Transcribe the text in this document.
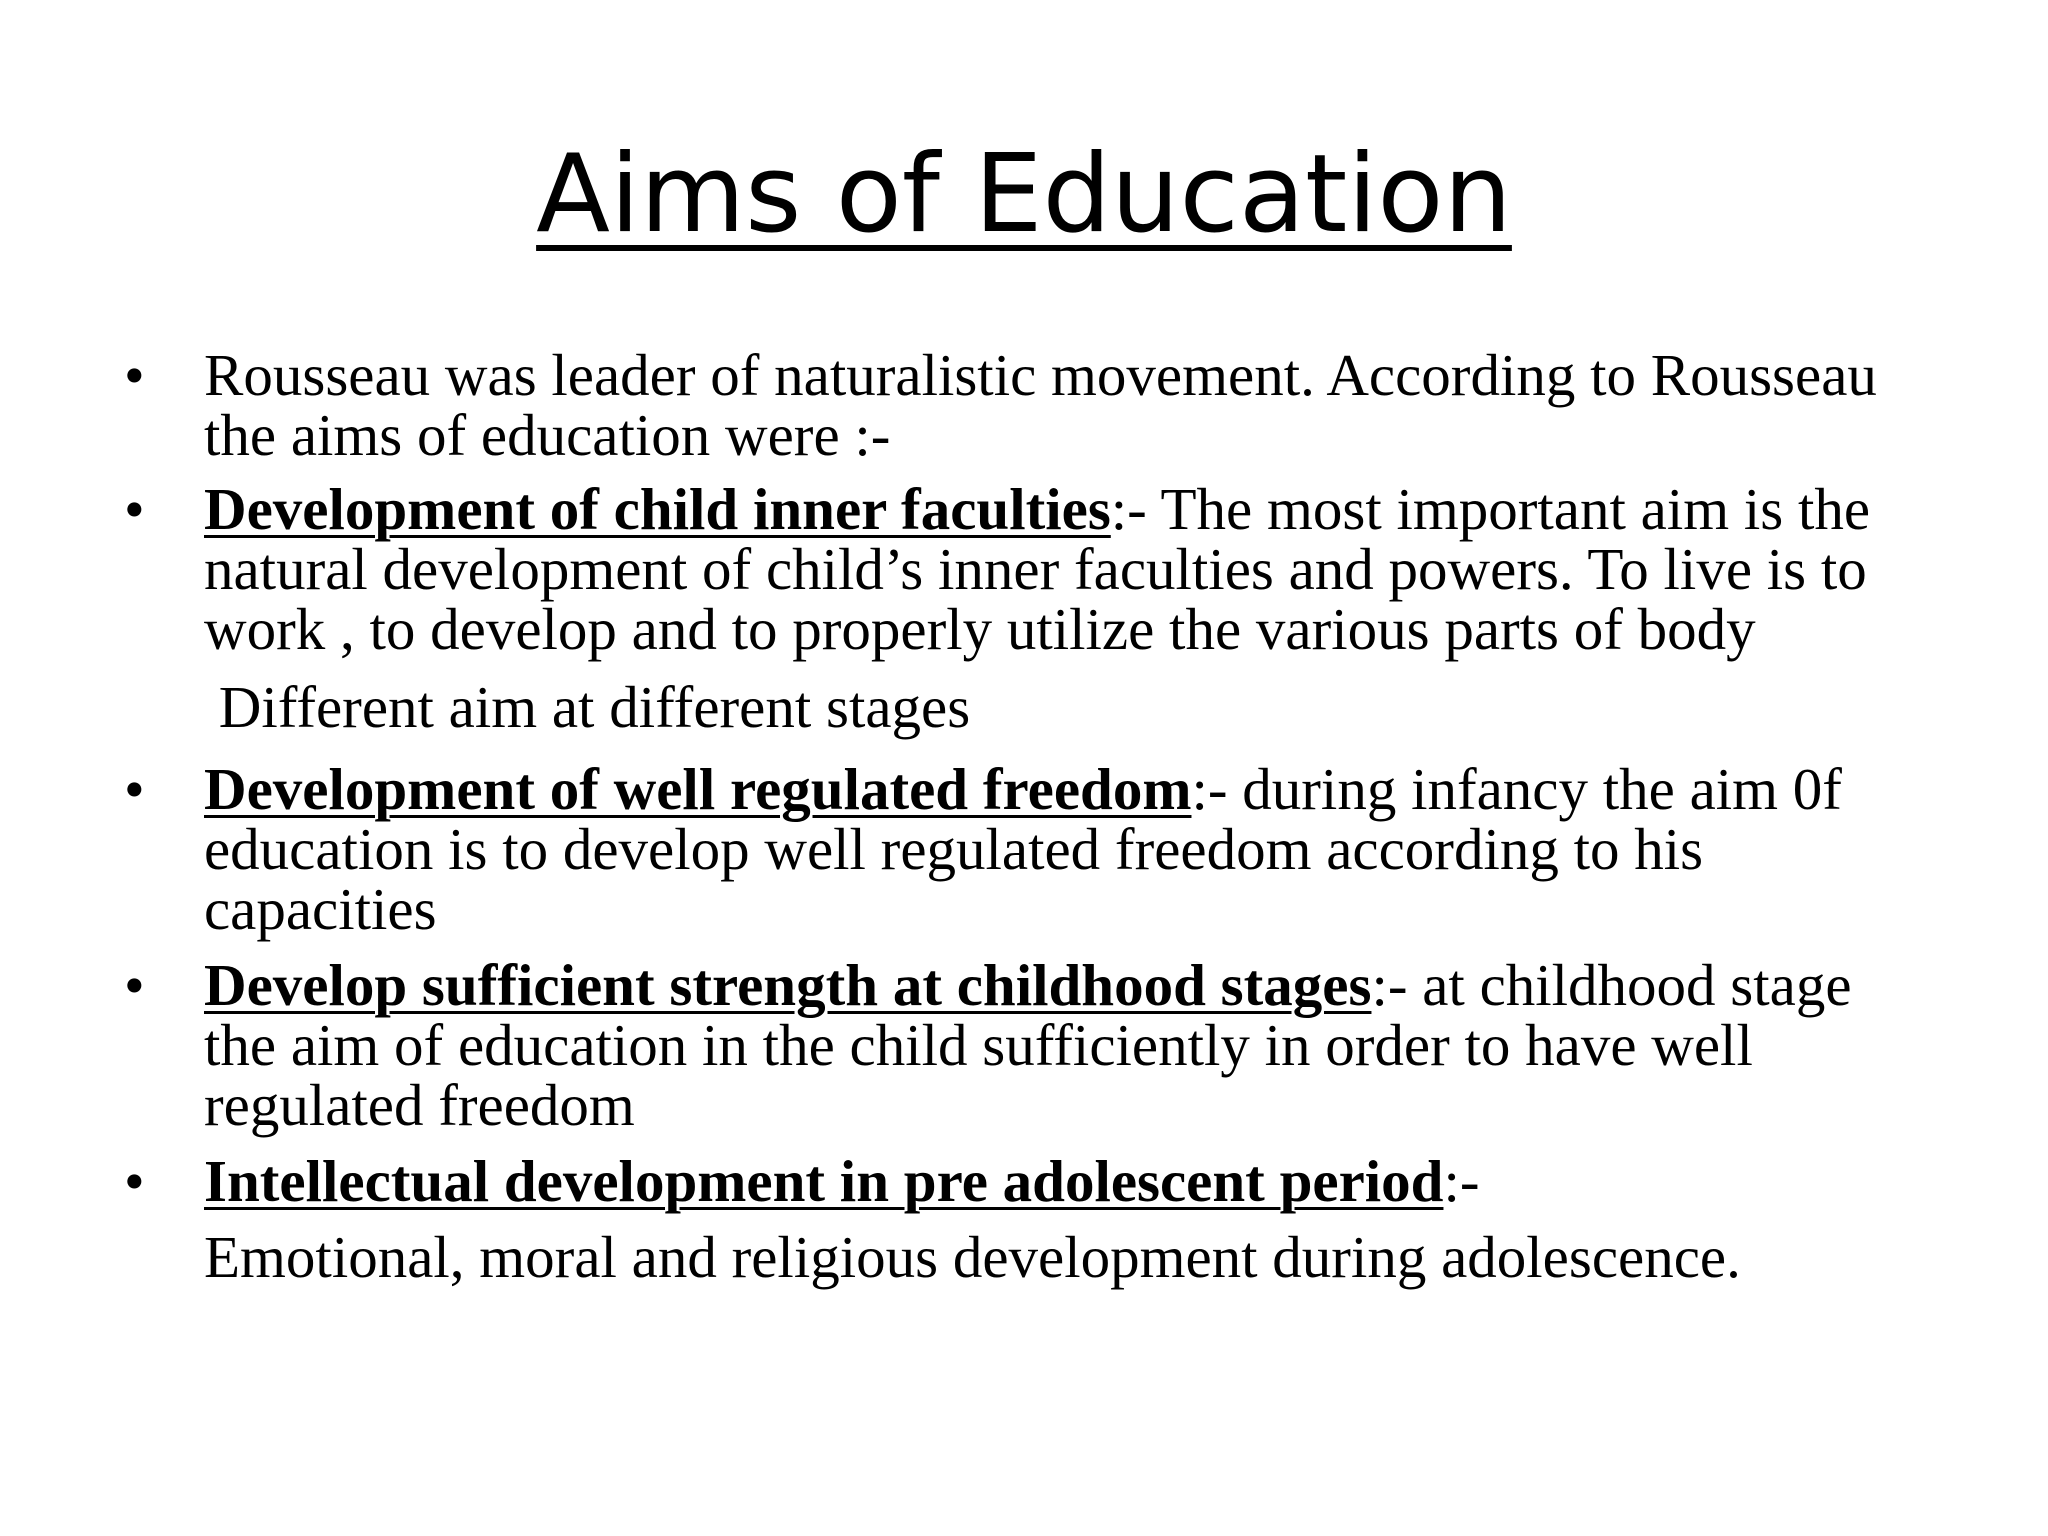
Aims of Education

•	Rousseau was leader of naturalistic movement. According to Rousseau the aims of education were :-

•	Development of child inner faculties:- The most important aim is the natural development of child’s inner faculties and powers. To live is to work , to develop and to properly utilize the various parts of body

Different aim at different stages

•	Development of well regulated freedom:- during infancy the aim 0f education is to develop well regulated freedom according to his capacities

•	Develop sufficient strength at childhood stages:- at childhood stage the aim of education in the child sufficiently in order to have well regulated freedom

•	Intellectual development in pre adolescent period:-

Emotional, moral and religious development during adolescence.
